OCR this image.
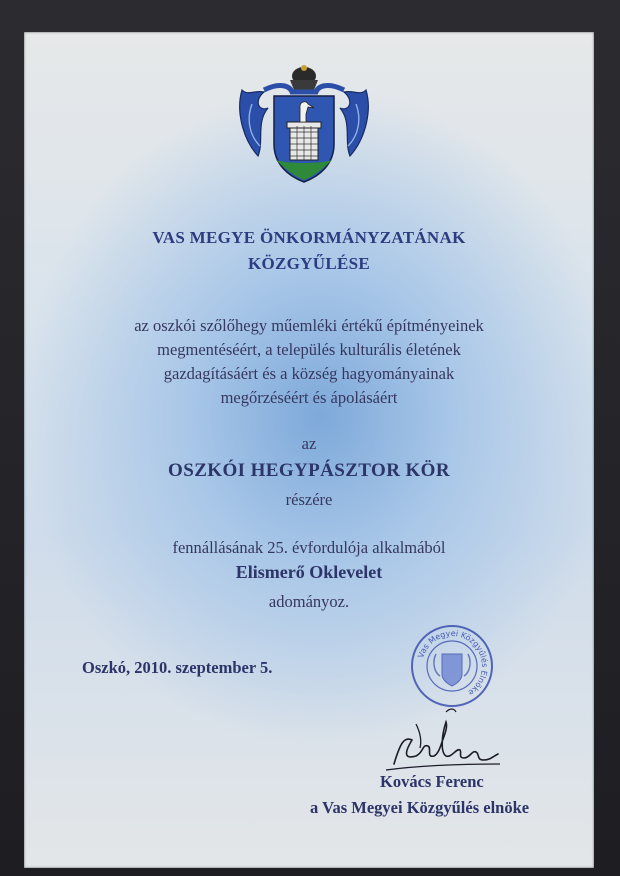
VAS MEGYE ÖNKORMÁNYZATÁNAK
KÖZGYŰLÉSE
az oszkói szőlőhegy műemléki értékű építményeinek
megmentéséért, a település kulturális életének
gazdagításáért és a község hagyományainak
megőrzéséért és ápolásáért
az
OSZKÓI HEGYPÁSZTOR KÖR
részére
fennállásának 25. évfordulója alkalmából
Elismerő Oklevelet
adományoz.
Oszkó, 2010. szeptember 5.
Vas Megyei Közgyűlés Elnöke
Kovács Ferenc
a Vas Megyei Közgyűlés elnöke
